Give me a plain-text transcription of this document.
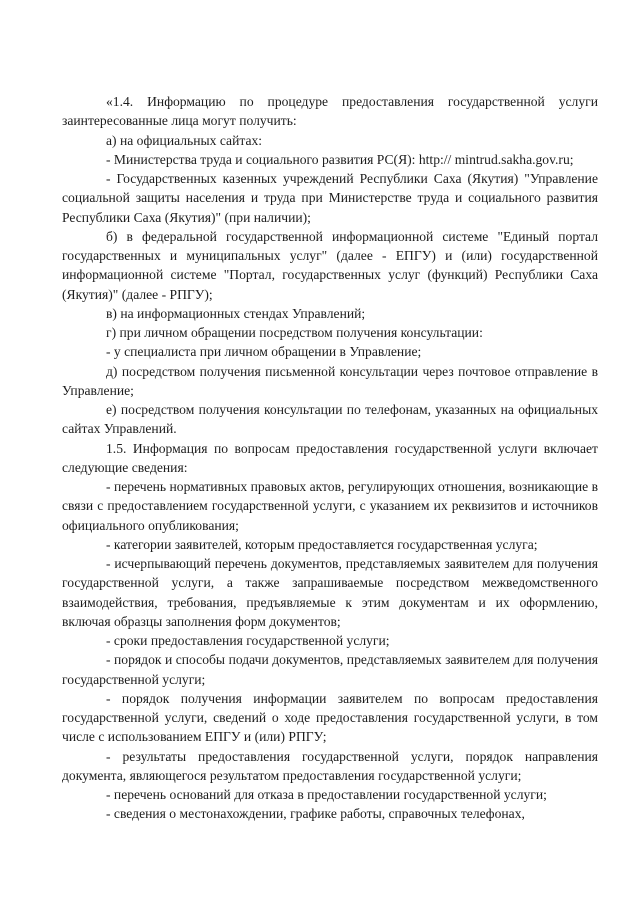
«1.4. Информацию по процедуре предоставления государственной услуги заинтересованные лица могут получить:

а) на официальных сайтах:

- Министерства труда и социального развития РС(Я): http:// mintrud.sakha.gov.ru;

- Государственных казенных учреждений Республики Саха (Якутия) "Управление социальной защиты населения и труда при Министерстве труда и социального развития Республики Саха (Якутия)" (при наличии);

б) в федеральной государственной информационной системе "Единый портал государственных и муниципальных услуг" (далее - ЕПГУ) и (или) государственной информационной системе "Портал, государственных услуг (функций) Республики Саха (Якутия)" (далее - РПГУ);

в) на информационных стендах Управлений;

г) при личном обращении посредством получения консультации:

- у специалиста при личном обращении в Управление;

д) посредством получения письменной консультации через почтовое отправление в Управление;

е) посредством получения консультации по телефонам, указанных на официальных сайтах Управлений.

1.5. Информация по вопросам предоставления государственной услуги включает следующие сведения:

- перечень нормативных правовых актов, регулирующих отношения, возникающие в связи с предоставлением государственной услуги, с указанием их реквизитов и источников официального опубликования;

- категории заявителей, которым предоставляется государственная услуга;

- исчерпывающий перечень документов, представляемых заявителем для получения государственной услуги, а также запрашиваемые посредством межведомственного взаимодействия, требования, предъявляемые к этим документам и их оформлению, включая образцы заполнения форм документов;

- сроки предоставления государственной услуги;

- порядок и способы подачи документов, представляемых заявителем для получения государственной услуги;

- порядок получения информации заявителем по вопросам предоставления государственной услуги, сведений о ходе предоставления государственной услуги, в том числе с использованием ЕПГУ и (или) РПГУ;

- результаты предоставления государственной услуги, порядок направления документа, являющегося результатом предоставления государственной услуги;

- перечень оснований для отказа в предоставлении государственной услуги;

- сведения о местонахождении, графике работы, справочных телефонах,
